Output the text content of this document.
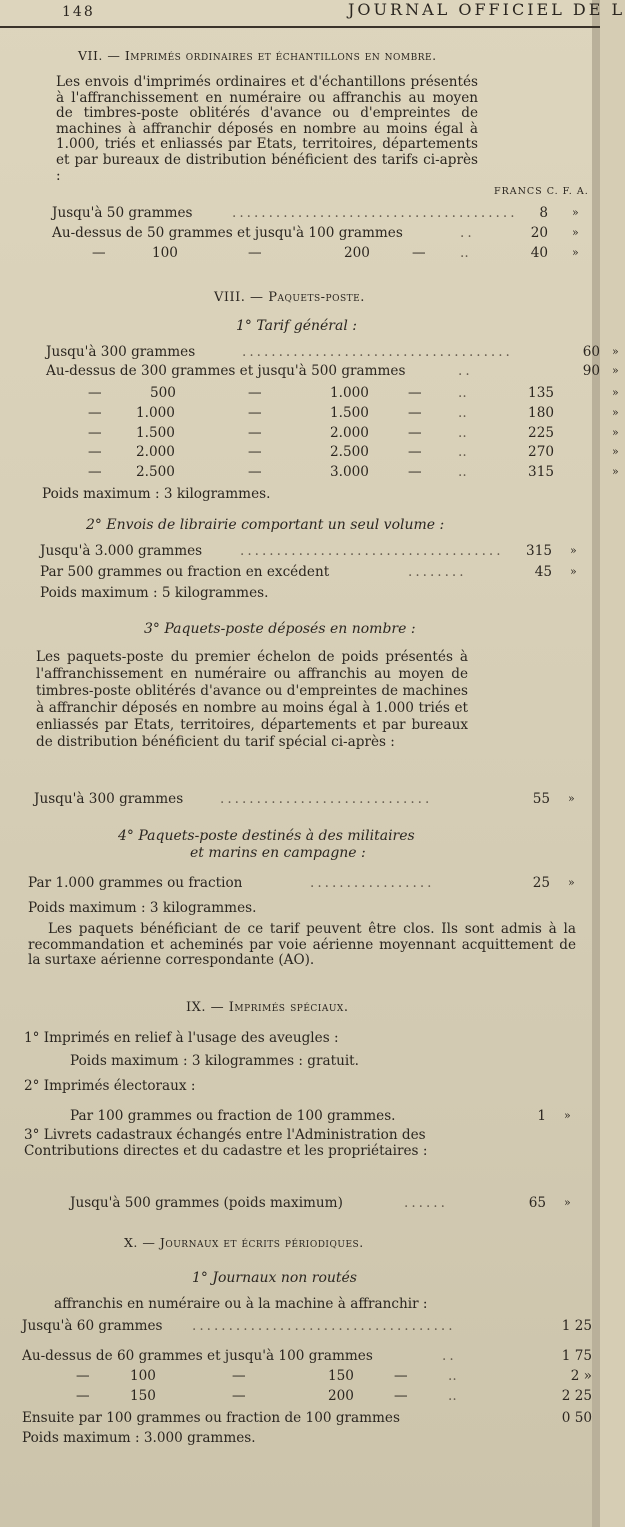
148	JOURNAL OFFICIEL DE L
VII. — Imprimés ordinaires et échantillons en nombre.
Les envois d'imprimés ordinaires et d'échantillons présentés à l'affranchissement en numéraire ou affranchis au moyen de timbres-poste oblitérés d'avance ou d'empreintes de machines à affranchir déposés en nombre au moins égal à 1.000, triés et enliassés par Etats, territoires, départements et par bureaux de distribution bénéficient des tarifs ci-après :
FRANCS C. F. A.
Jusqu'à 50 grammes	.......................................	8 »
Au-dessus de 50 grammes et jusqu'à 100 grammes	..	20 »
—	100	—	200	—	..	40 »
VIII. — Paquets-poste.
1° Tarif général :
Jusqu'à 300 grammes	.....................................	60 »
Au-dessus de 300 grammes et jusqu'à 500 grammes	..	90 »
—	500	—	1.000	—	..	135	»
—	1.000	—	1.500	—	..	180	»
—	1.500	—	2.000	—	..	225	»
—	2.000	—	2.500	—	..	270	»
—	2.500	—	3.000	—	..	315	»
Poids maximum : 3 kilogrammes.
2° Envois de librairie comportant un seul volume :
Jusqu'à 3.000 grammes	....................................	315 »
Par 500 grammes ou fraction en excédent	........	45 »
Poids maximum : 5 kilogrammes.
3° Paquets-poste déposés en nombre :
Les paquets-poste du premier échelon de poids présentés à l'affranchissement en numéraire ou affranchis au moyen de timbres-poste oblitérés d'avance ou d'empreintes de machines à affranchir déposés en nombre au moins égal à 1.000 triés et enliassés par Etats, territoires, départements et par bureaux de distribution bénéficient du tarif spécial ci-après :
Jusqu'à 300 grammes	.............................	55 »
4° Paquets-poste destinés à des militaires
et marins en campagne :
Par 1.000 grammes ou fraction	.................	25 »
Poids maximum : 3 kilogrammes.
Les paquets bénéficiant de ce tarif peuvent être clos. Ils sont admis à la recommandation et acheminés par voie aérienne moyennant acquittement de la surtaxe aérienne correspondante (AO).
IX. — Imprimés spéciaux.
1° Imprimés en relief à l'usage des aveugles :
Poids maximum : 3 kilogrammes : gratuit.
2° Imprimés électoraux :
Par 100 grammes ou fraction de 100 grammes.	1 »
3° Livrets cadastraux échangés entre l'Administration des Contributions directes et du cadastre et les propriétaires :
Jusqu'à 500 grammes (poids maximum)	......	65 »
X. — Journaux et écrits périodiques.
1° Journaux non routés
affranchis en numéraire ou à la machine à affranchir :
Jusqu'à 60 grammes ....................................	1 25
Au-dessus de 60 grammes et jusqu'à 100 grammes	..	1 75
—	100	—	150	—	..	2 »
—	150	—	200	—	..	2 25
Ensuite par 100 grammes ou fraction de 100 grammes	0 50
Poids maximum : 3.000 grammes.
